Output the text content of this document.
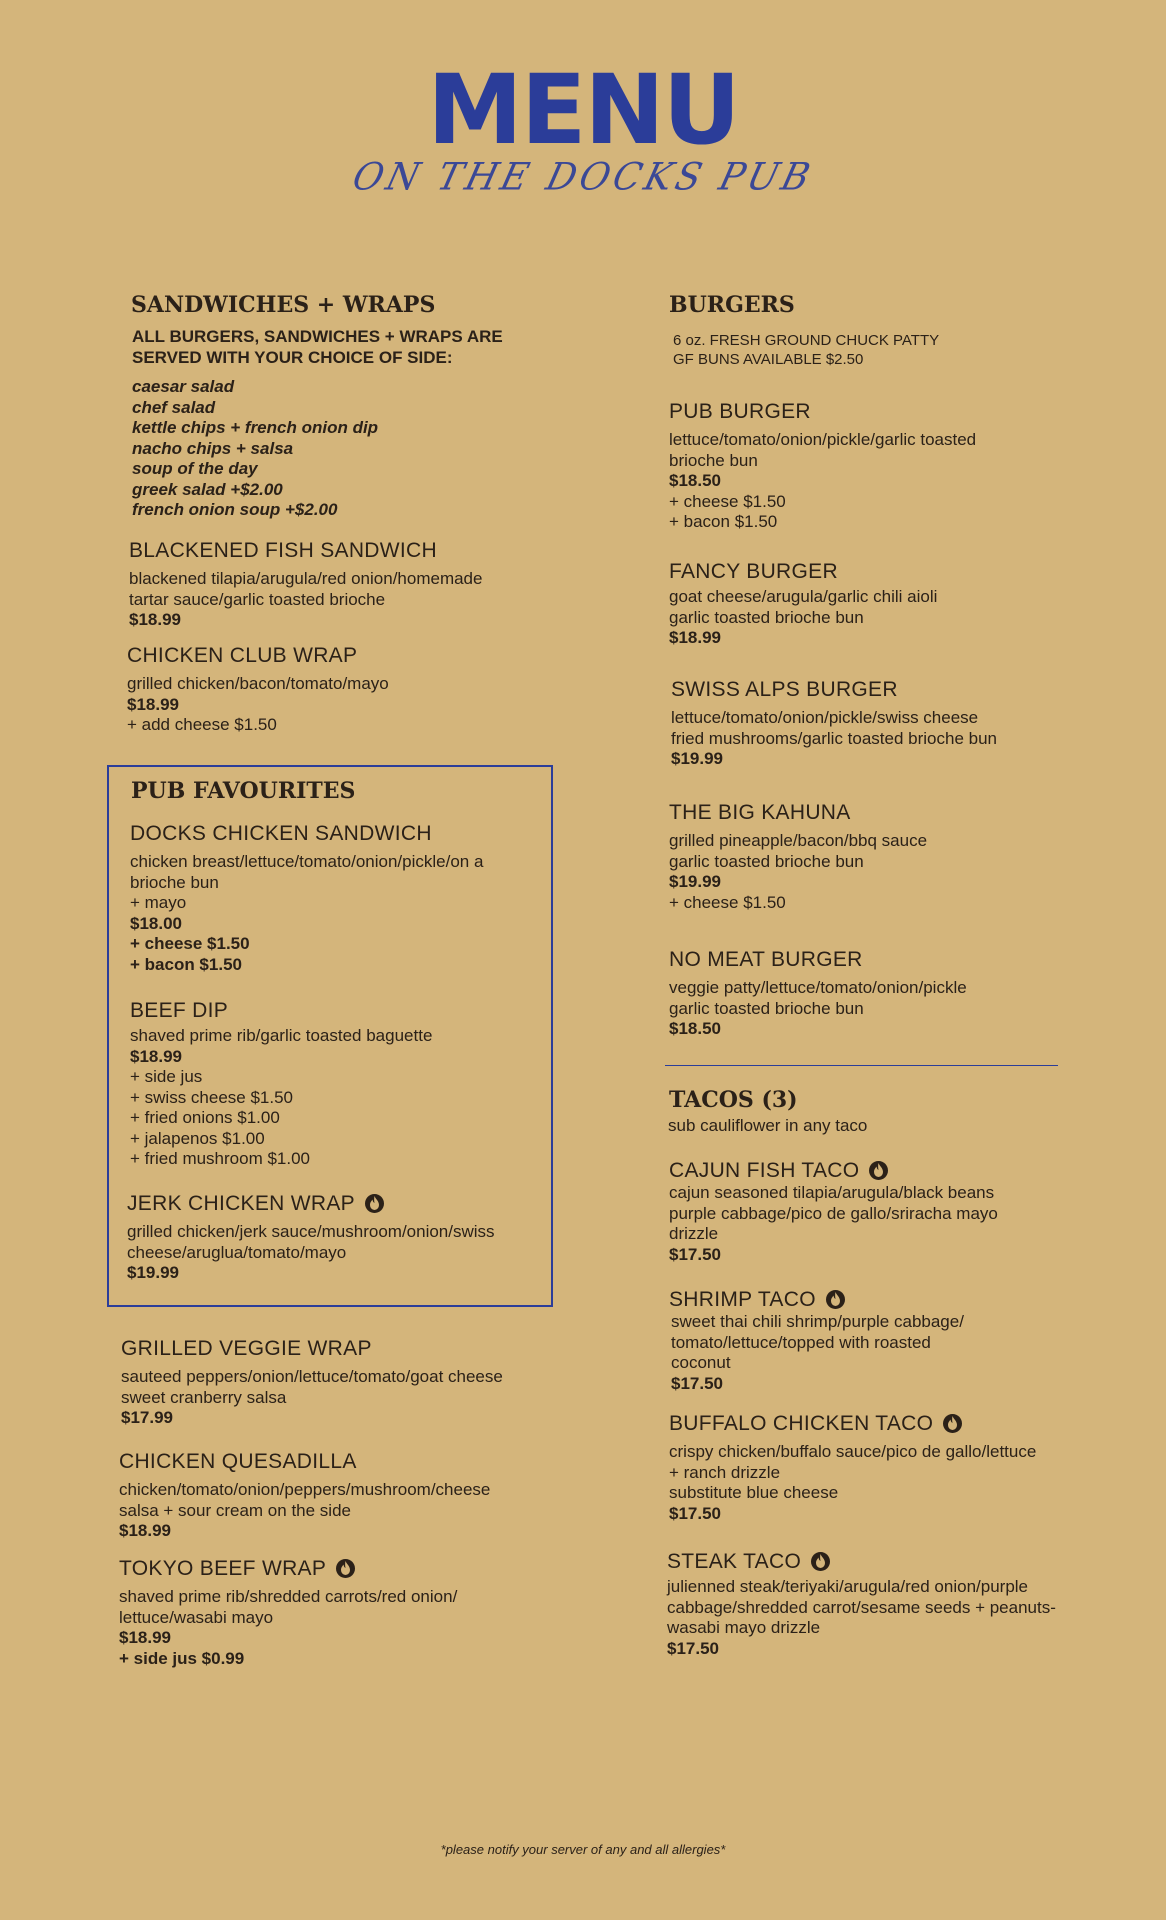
MENU
ON THE DOCKS PUB
SANDWICHES + WRAPS
ALL BURGERS, SANDWICHES + WRAPS ARE
SERVED WITH YOUR CHOICE OF SIDE:
caesar salad
chef salad
kettle chips + french onion dip
nacho chips + salsa
soup of the day
greek salad +$2.00
french onion soup +$2.00
BLACKENED FISH SANDWICH
blackened tilapia/arugula/red onion/homemade
tartar sauce/garlic toasted brioche
$18.99
CHICKEN CLUB WRAP
grilled chicken/bacon/tomato/mayo
$18.99
+ add cheese $1.50
PUB FAVOURITES
DOCKS CHICKEN SANDWICH
chicken breast/lettuce/tomato/onion/pickle/on a
brioche bun
+ mayo
$18.00
+ cheese $1.50
+ bacon $1.50
BEEF DIP
shaved prime rib/garlic toasted baguette
$18.99
+ side jus
+ swiss cheese $1.50
+ fried onions $1.00
+ jalapenos $1.00
+ fried mushroom $1.00
JERK CHICKEN WRAP
grilled chicken/jerk sauce/mushroom/onion/swiss
cheese/aruglua/tomato/mayo
$19.99
GRILLED VEGGIE WRAP
sauteed peppers/onion/lettuce/tomato/goat cheese
sweet cranberry salsa
$17.99
CHICKEN QUESADILLA
chicken/tomato/onion/peppers/mushroom/cheese
salsa + sour cream on the side
$18.99
TOKYO BEEF WRAP
shaved prime rib/shredded carrots/red onion/
lettuce/wasabi mayo
$18.99
+ side jus $0.99
BURGERS
6 oz. FRESH GROUND CHUCK PATTY
GF BUNS AVAILABLE $2.50
PUB BURGER
lettuce/tomato/onion/pickle/garlic toasted
brioche bun
$18.50
+ cheese $1.50
+ bacon $1.50
FANCY BURGER
goat cheese/arugula/garlic chili aioli
garlic toasted brioche bun
$18.99
SWISS ALPS BURGER
lettuce/tomato/onion/pickle/swiss cheese
fried mushrooms/garlic toasted brioche bun
$19.99
THE BIG KAHUNA
grilled pineapple/bacon/bbq sauce
garlic toasted brioche bun
$19.99
+ cheese $1.50
NO MEAT BURGER
veggie patty/lettuce/tomato/onion/pickle
garlic toasted brioche bun
$18.50
TACOS (3)
sub cauliflower in any taco
CAJUN FISH TACO
cajun seasoned tilapia/arugula/black beans
purple cabbage/pico de gallo/sriracha mayo
drizzle
$17.50
SHRIMP TACO
sweet thai chili shrimp/purple cabbage/
tomato/lettuce/topped with roasted
coconut
$17.50
BUFFALO CHICKEN TACO
crispy chicken/buffalo sauce/pico de gallo/lettuce
+ ranch drizzle
substitute blue cheese
$17.50
STEAK TACO
julienned steak/teriyaki/arugula/red onion/purple
cabbage/shredded carrot/sesame seeds + peanuts-
wasabi mayo drizzle
$17.50
*please notify your server of any and all allergies*
